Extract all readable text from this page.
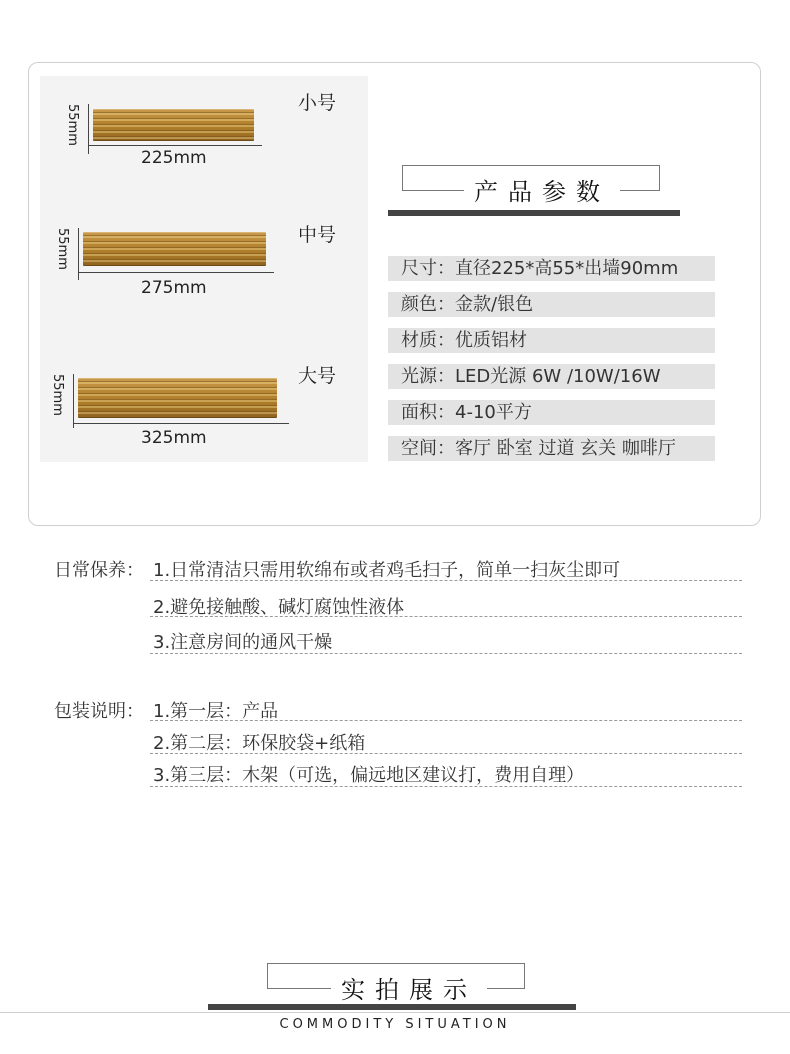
小号
55mm
225mm
中号
55mm
275mm
大号
55mm
325mm
产品参数
尺寸：直径225*高55*出墙90mm
颜色：金款/银色
材质：优质铝材
光源：LED光源 6W /10W/16W
面积：4-10平方
空间：客厅 卧室 过道 玄关 咖啡厅
日常保养： 1.日常清洁只需用软绵布或者鸡毛扫子，简单一扫灰尘即可
2.避免接触酸、碱灯腐蚀性液体
3.注意房间的通风干燥
包装说明： 1.第一层：产品
2.第二层：环保胶袋+纸箱
3.第三层：木架（可选，偏远地区建议打，费用自理）
实拍展示
COMMODITY SITUATION
